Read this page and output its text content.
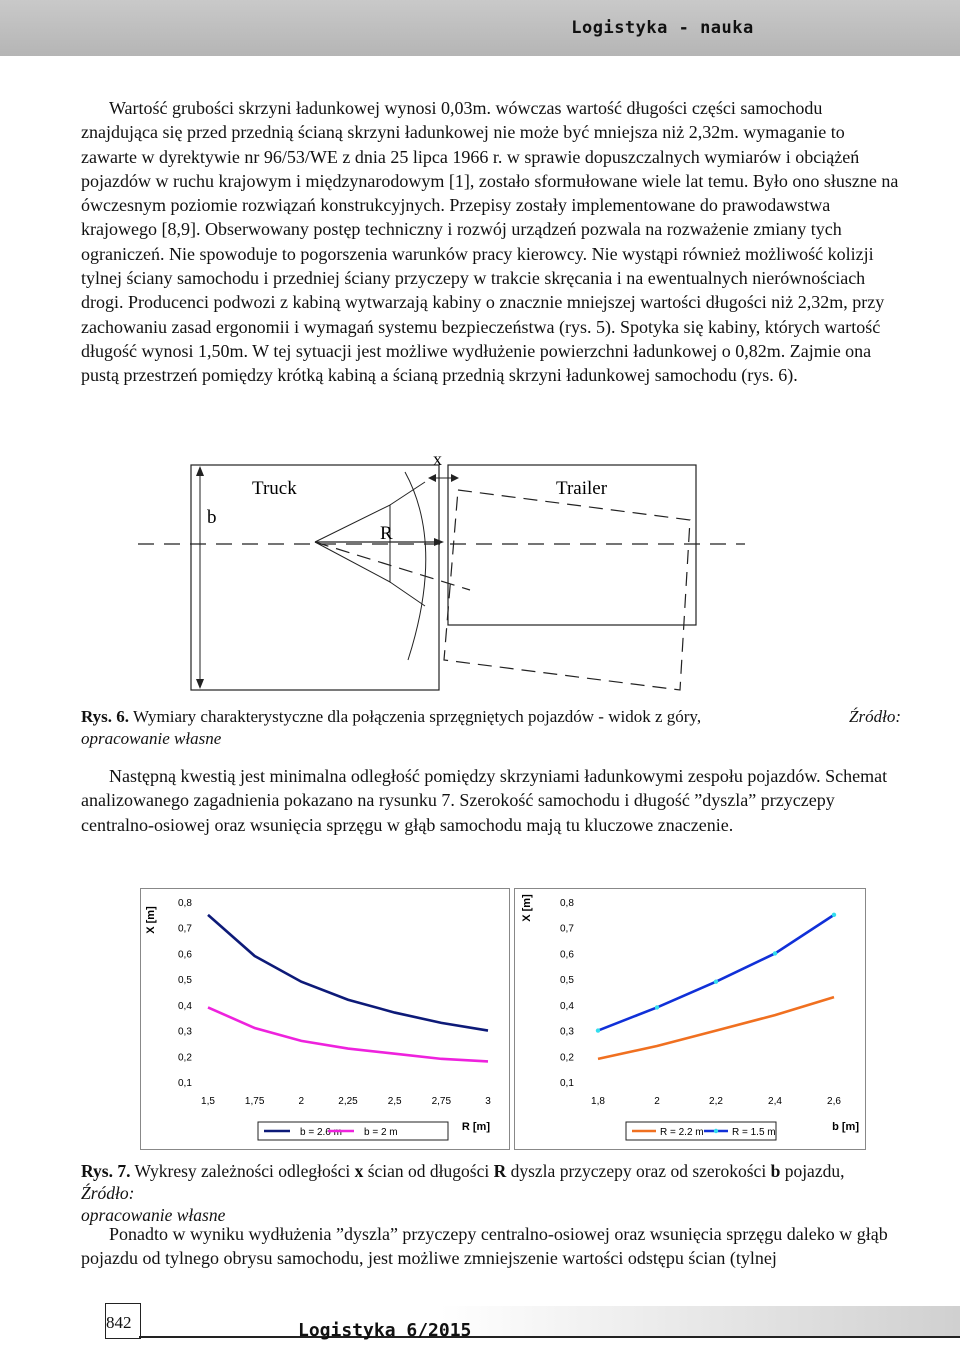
Logistyka - nauka

Wartość grubości skrzyni ładunkowej wynosi 0,03m. wówczas wartość długości części samochodu znajdująca się przed przednią ścianą skrzyni ładunkowej nie może być mniejsza niż 2,32m. wymaganie to zawarte w dyrektywie nr 96/53/WE z dnia 25 lipca 1966 r. w sprawie dopuszczalnych wymiarów i obciążeń pojazdów w ruchu krajowym i międzynarodowym [1], zostało sformułowane wiele lat temu. Było ono słuszne na ówczesnym poziomie rozwiązań konstrukcyjnych. Przepisy zostały implementowane do prawodawstwa krajowego [8,9]. Obserwowany postęp techniczny i rozwój urządzeń pozwala na rozważenie zmiany tych ograniczeń. Nie spowoduje to pogorszenia warunków pracy kierowcy. Nie wystąpi również możliwość kolizji tylnej ściany samochodu i przedniej ściany przyczepy w trakcie skręcania i na ewentualnych nierównościach drogi. Producenci podwozi z kabiną wytwarzają kabiny o znacznie mniejszej wartości długości niż 2,32m, przy zachowaniu zasad ergonomii i wymagań systemu bezpieczeństwa (rys. 5). Spotyka się kabiny, których wartość długość wynosi 1,50m. W tej sytuacji jest możliwe wydłużenie powierzchni ładunkowej o 0,82m. Zajmie ona pustą przestrzeń pomiędzy krótką kabiną a ścianą przednią skrzyni ładunkowej samochodu (rys. 6).

x
Truck	Trailer
b
R
Rys. 6. Wymiary charakterystyczne dla połączenia sprzęgniętych pojazdów - widok z góry,	Źródło:

opracowanie własne

Następną kwestią jest minimalna odległość pomiędzy skrzyniami ładunkowymi zespołu pojazdów. Schemat analizowanego zagadnienia pokazano na rysunku 7. Szerokość samochodu i długość ”dyszla” przyczepy centralno-osiowej oraz wsunięcia sprzęgu w głąb samochodu mają tu kluczowe znaczenie.

X [m]
0,8
0,7
0,6
0,5
0,4
0,3
0,2
0,1
1,5	1,75	2	2,25	2,5	2,75	3
R [m]
b = 2.6 m b = 2 m
X [m]	0,8
0,7
0,6
0,5
0,4
0,3
0,2
0,1
1,8	2	2,2	2,4	2,6
b [m]
R = 2.2 m	R = 1.5 m
Rys. 7. Wykresy zależności odległości x ścian od długości R dyszla przyczepy oraz od szerokości b pojazdu, Źródło:
opracowanie własne

Ponadto w wyniku wydłużenia ”dyszla” przyczepy centralno-osiowej oraz wsunięcia sprzęgu daleko w głąb pojazdu od tylnego obrysu samochodu, jest możliwe zmniejszenie wartości odstępu ścian (tylnej

842	Logistyka 6/2015
